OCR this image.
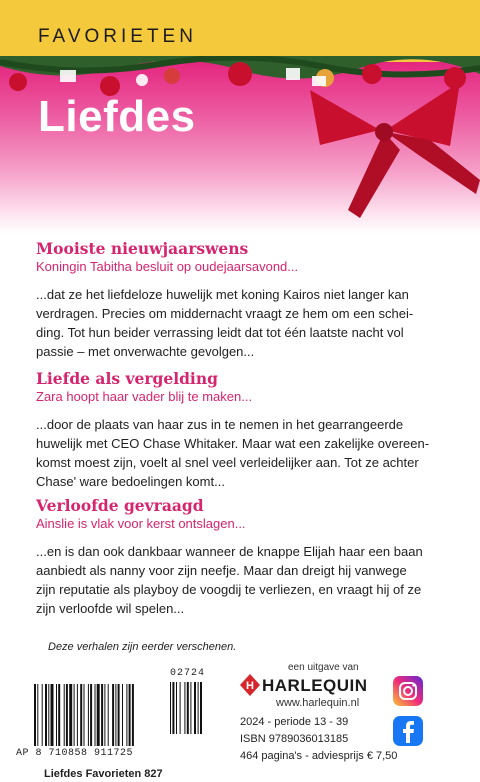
FAVORIETEN
Liefdes
Mooiste nieuwjaarswens
Koningin Tabitha besluit op oudejaarsavond...
...dat ze het liefdeloze huwelijk met koning Kairos niet langer kan
verdragen. Precies om middernacht vraagt ze hem om een schei-
ding. Tot hun beider verrassing leidt dat tot één laatste nacht vol
passie – met onverwachte gevolgen...
Liefde als vergelding
Zara hoopt haar vader blij te maken...
...door de plaats van haar zus in te nemen in het gearrangeerde
huwelijk met CEO Chase Whitaker. Maar wat een zakelijke overeen-
komst moest zijn, voelt al snel veel verleidelijker aan. Tot ze achter
Chase' ware bedoelingen komt...
Verloofde gevraagd
Ainslie is vlak voor kerst ontslagen...
...en is dan ook dankbaar wanneer de knappe Elijah haar een baan
aanbiedt als nanny voor zijn neefje. Maar dan dreigt hij vanwege
zijn reputatie als playboy de voogdij te verliezen, en vraagt hij of ze
zijn verloofde wil spelen...
Deze verhalen zijn eerder verschenen.
02724
AP 8 710858 911725
Liefdes Favorieten 827
een uitgave van
H HARLEQUIN
www.harlequin.nl
2024 - periode 13 - 39
ISBN 9789036013185
464 pagina's - adviesprijs € 7,50
